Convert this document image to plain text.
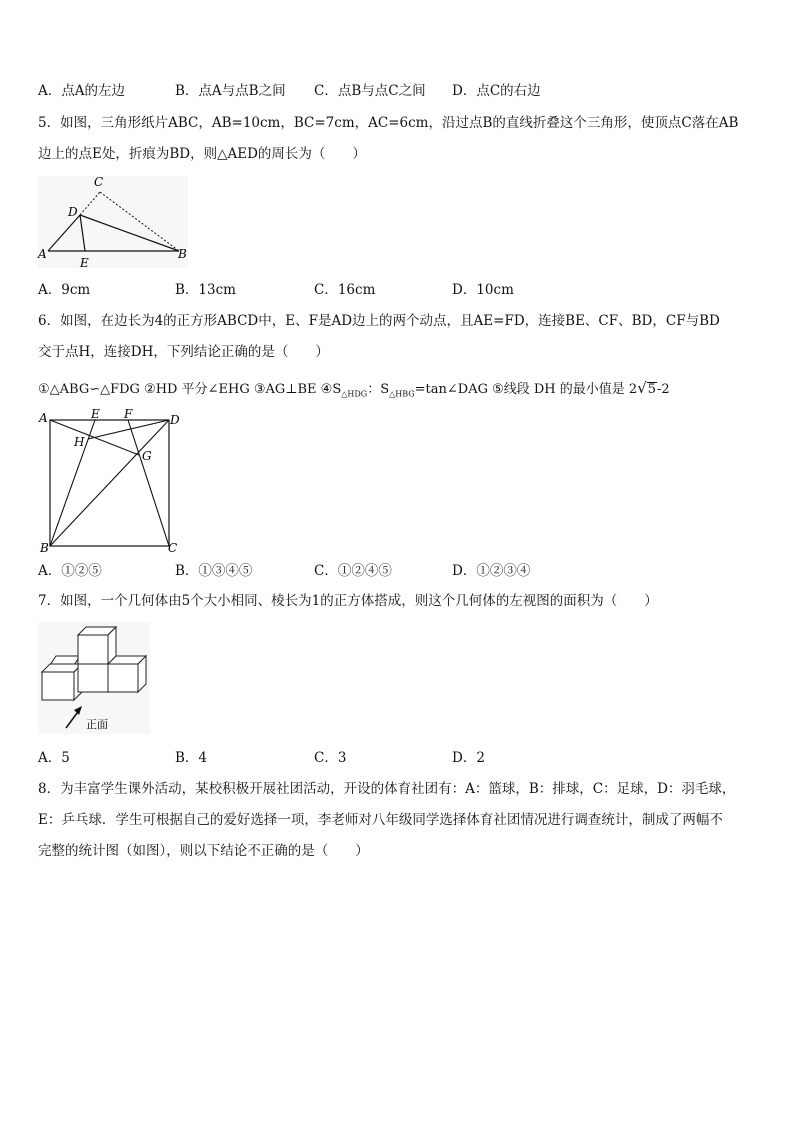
A．点A的左边	B．点A与点B之间 C．点B与点C之间 D．点C的右边
5．如图，三角形纸片ABC，AB=10cm，BC=7cm，AC=6cm，沿过点B的直线折叠这个三角形，使顶点C落在AB
边上的点E处，折痕为BD，则△AED的周长为（　　）
C
D
A
E
B
A．9cm	B．13cm	C．16cm	D．10cm
6．如图，在边长为4的正方形ABCD中，E、F是AD边上的两个动点，且AE=FD，连接BE、CF、BD，CF与BD
交于点H，连接DH，下列结论正确的是（　　）
①△ABG∽△FDG ②HD 平分∠EHG ③AG⊥BE $④S_{\triangle HDG}$：$S_{\triangle HBG}=\tan\angle DAG$ ⑤线段 DH 的最小值是 2√5-2
A	E F	D
H
G
B	C
A．①②⑤	B．①③④⑤	C．①②④⑤	D．①②③④
7．如图，一个几何体由5个大小相同、棱长为1的正方体搭成，则这个几何体的左视图的面积为（　　）
正面
A．5	B．4	C．3	D．2
8．为丰富学生课外活动，某校积极开展社团活动，开设的体育社团有：A：篮球，B：排球，C：足球，D：羽毛球，
E：乒乓球．学生可根据自己的爱好选择一项，李老师对八年级同学选择体育社团情况进行调查统计，制成了两幅不
完整的统计图（如图），则以下结论不正确的是（　　）
